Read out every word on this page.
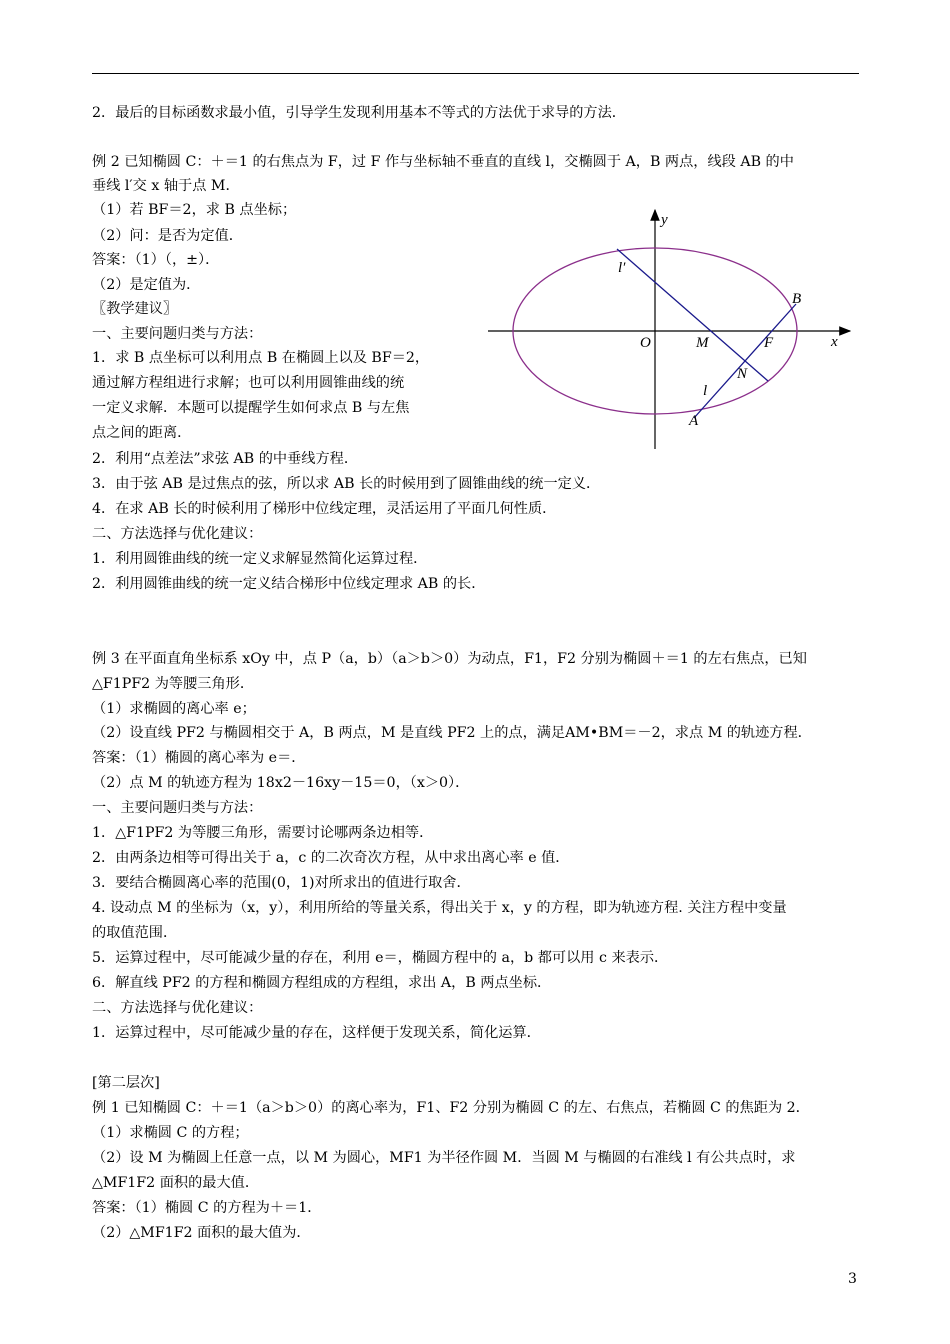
2．最后的目标函数求最小值，引导学生发现利用基本不等式的方法优于求导的方法．
例 2 已知椭圆 C：＋＝1 的右焦点为 F，过 F 作与坐标轴不垂直的直线 l，交椭圆于 A，B 两点，线段 AB 的中
垂线 l′交 x 轴于点 M．
（1）若 BF＝2，求 B 点坐标；
（2）问：是否为定值．
答案：（1）（，±）．
（2）是定值为．
〖教学建议〗
一、主要问题归类与方法：
1．求 B 点坐标可以利用点 B 在椭圆上以及 BF＝2，
通过解方程组进行求解；也可以利用圆锥曲线的统
一定义求解．本题可以提醒学生如何求点 B 与左焦
点之间的距离．
2．利用“点差法”求弦 AB 的中垂线方程．
3．由于弦 AB 是过焦点的弦，所以求 AB 长的时候用到了圆锥曲线的统一定义．
4．在求 AB 长的时候利用了梯形中位线定理，灵活运用了平面几何性质．
二、方法选择与优化建议：
1．利用圆锥曲线的统一定义求解显然简化运算过程．
2．利用圆锥曲线的统一定义结合梯形中位线定理求 AB 的长．
例 3 在平面直角坐标系 xOy 中，点 P（a，b）（a＞b＞0）为动点，F1，F2 分别为椭圆＋＝1 的左右焦点，已知
△F1PF2 为等腰三角形．
（1）求椭圆的离心率 e；
（2）设直线 PF2 与椭圆相交于 A，B 两点，M 是直线 PF2 上的点，满足AM•BM＝－2，求点 M 的轨迹方程．
答案：（1）椭圆的离心率为 e＝．
（2）点 M 的轨迹方程为 18x2－16xy－15＝0，（x＞0）．
一、主要问题归类与方法：
1．△F1PF2 为等腰三角形，需要讨论哪两条边相等．
2．由两条边相等可得出关于 a，c 的二次奇次方程，从中求出离心率 e 值．
3．要结合椭圆离心率的范围(0，1)对所求出的值进行取舍．
4. 设动点 M 的坐标为（x，y），利用所给的等量关系，得出关于 x，y 的方程，即为轨迹方程. 关注方程中变量
的取值范围．
5．运算过程中，尽可能减少量的存在，利用 e＝，椭圆方程中的 a，b 都可以用 c 来表示．
6．解直线 PF2 的方程和椭圆方程组成的方程组，求出 A，B 两点坐标．
二、方法选择与优化建议：
1．运算过程中，尽可能减少量的存在，这样便于发现关系，简化运算．
[第二层次]
例 1 已知椭圆 C：＋＝1（a＞b＞0）的离心率为，F1、F2 分别为椭圆 C 的左、右焦点，若椭圆 C 的焦距为 2．
（1）求椭圆 C 的方程；
（2）设 M 为椭圆上任意一点，以 M 为圆心，MF1 为半径作圆 M．当圆 M 与椭圆的右准线 l 有公共点时，求
△MF1F2 面积的最大值．
答案：（1）椭圆 C 的方程为＋＝1．
（2）△MF1F2 面积的最大值为．
y
x
O	M	F
B
N
A
l
l′
3
